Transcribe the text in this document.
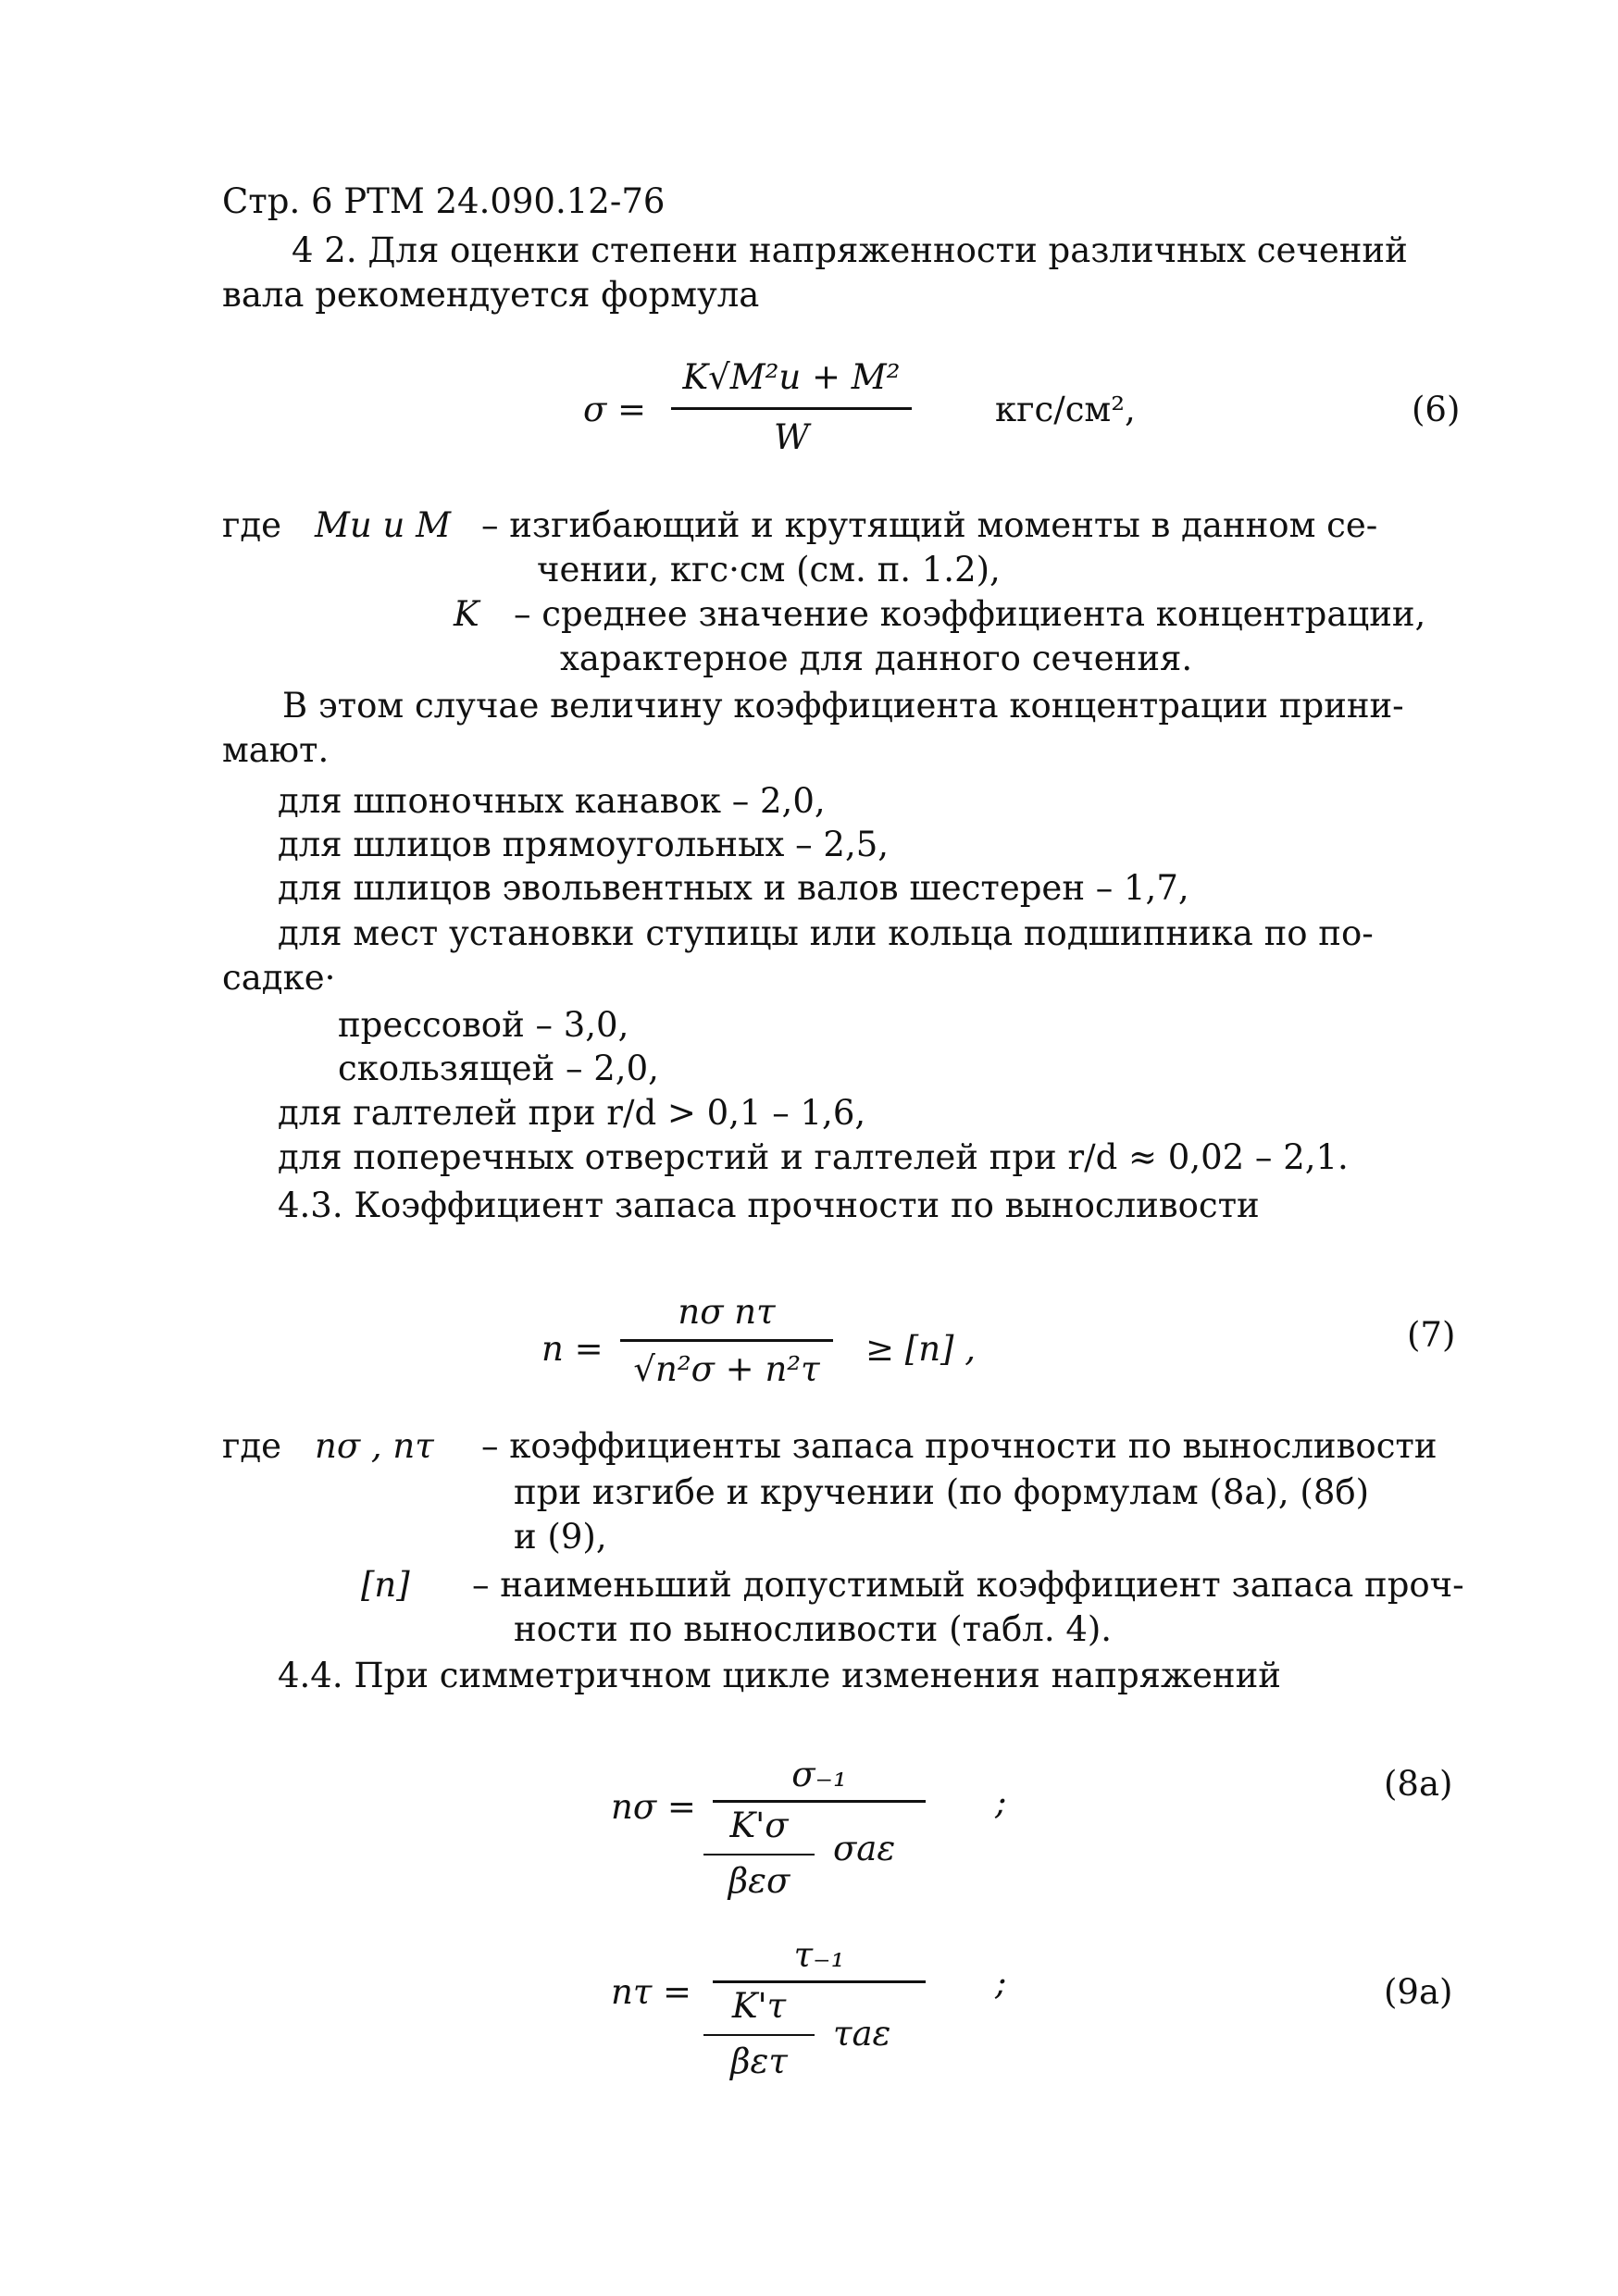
Стр. 6 РТМ 24.090.12-76
4 2. Для оценки степени напряженности различных сечений
вала рекомендуется формула
σ =
K√M²и + M²
W
кгс/см²,	(6)
где Mи и M – изгибающий и крутящий моменты в данном се-
чении, кгс·см (см. п. 1.2),
K – среднее значение коэффициента концентрации,
характерное для данного сечения.
В этом случае величину коэффициента концентрации прини-
мают.
для шпоночных канавок – 2,0,
для шлицов прямоугольных – 2,5,
для шлицов эвольвентных и валов шестерен – 1,7,
для мест установки ступицы или кольца подшипника по по-
садке·
прессовой – 3,0,
скользящей – 2,0,
для галтелей при r/d > 0,1 – 1,6,
для поперечных отверстий и галтелей при r/d ≈ 0,02 – 2,1.
4.3. Коэффициент запаса прочности по выносливости
n =
nσ nτ
√n²σ + n²τ
≥ [n] ,	(7)
где nσ , nτ – коэффициенты запаса прочности по выносливости
при изгибе и кручении (по формулам (8а), (8б)
и (9),
[n] – наименьший допустимый коэффициент запаса проч-
ности по выносливости (табл. 4).
4.4. При симметричном цикле изменения напряжений
nσ =
σ₋₁
K'σ
βεσ
σaε
;	(8а)
nτ =
τ₋₁
K'τ
βετ
τaε
;	(9а)
